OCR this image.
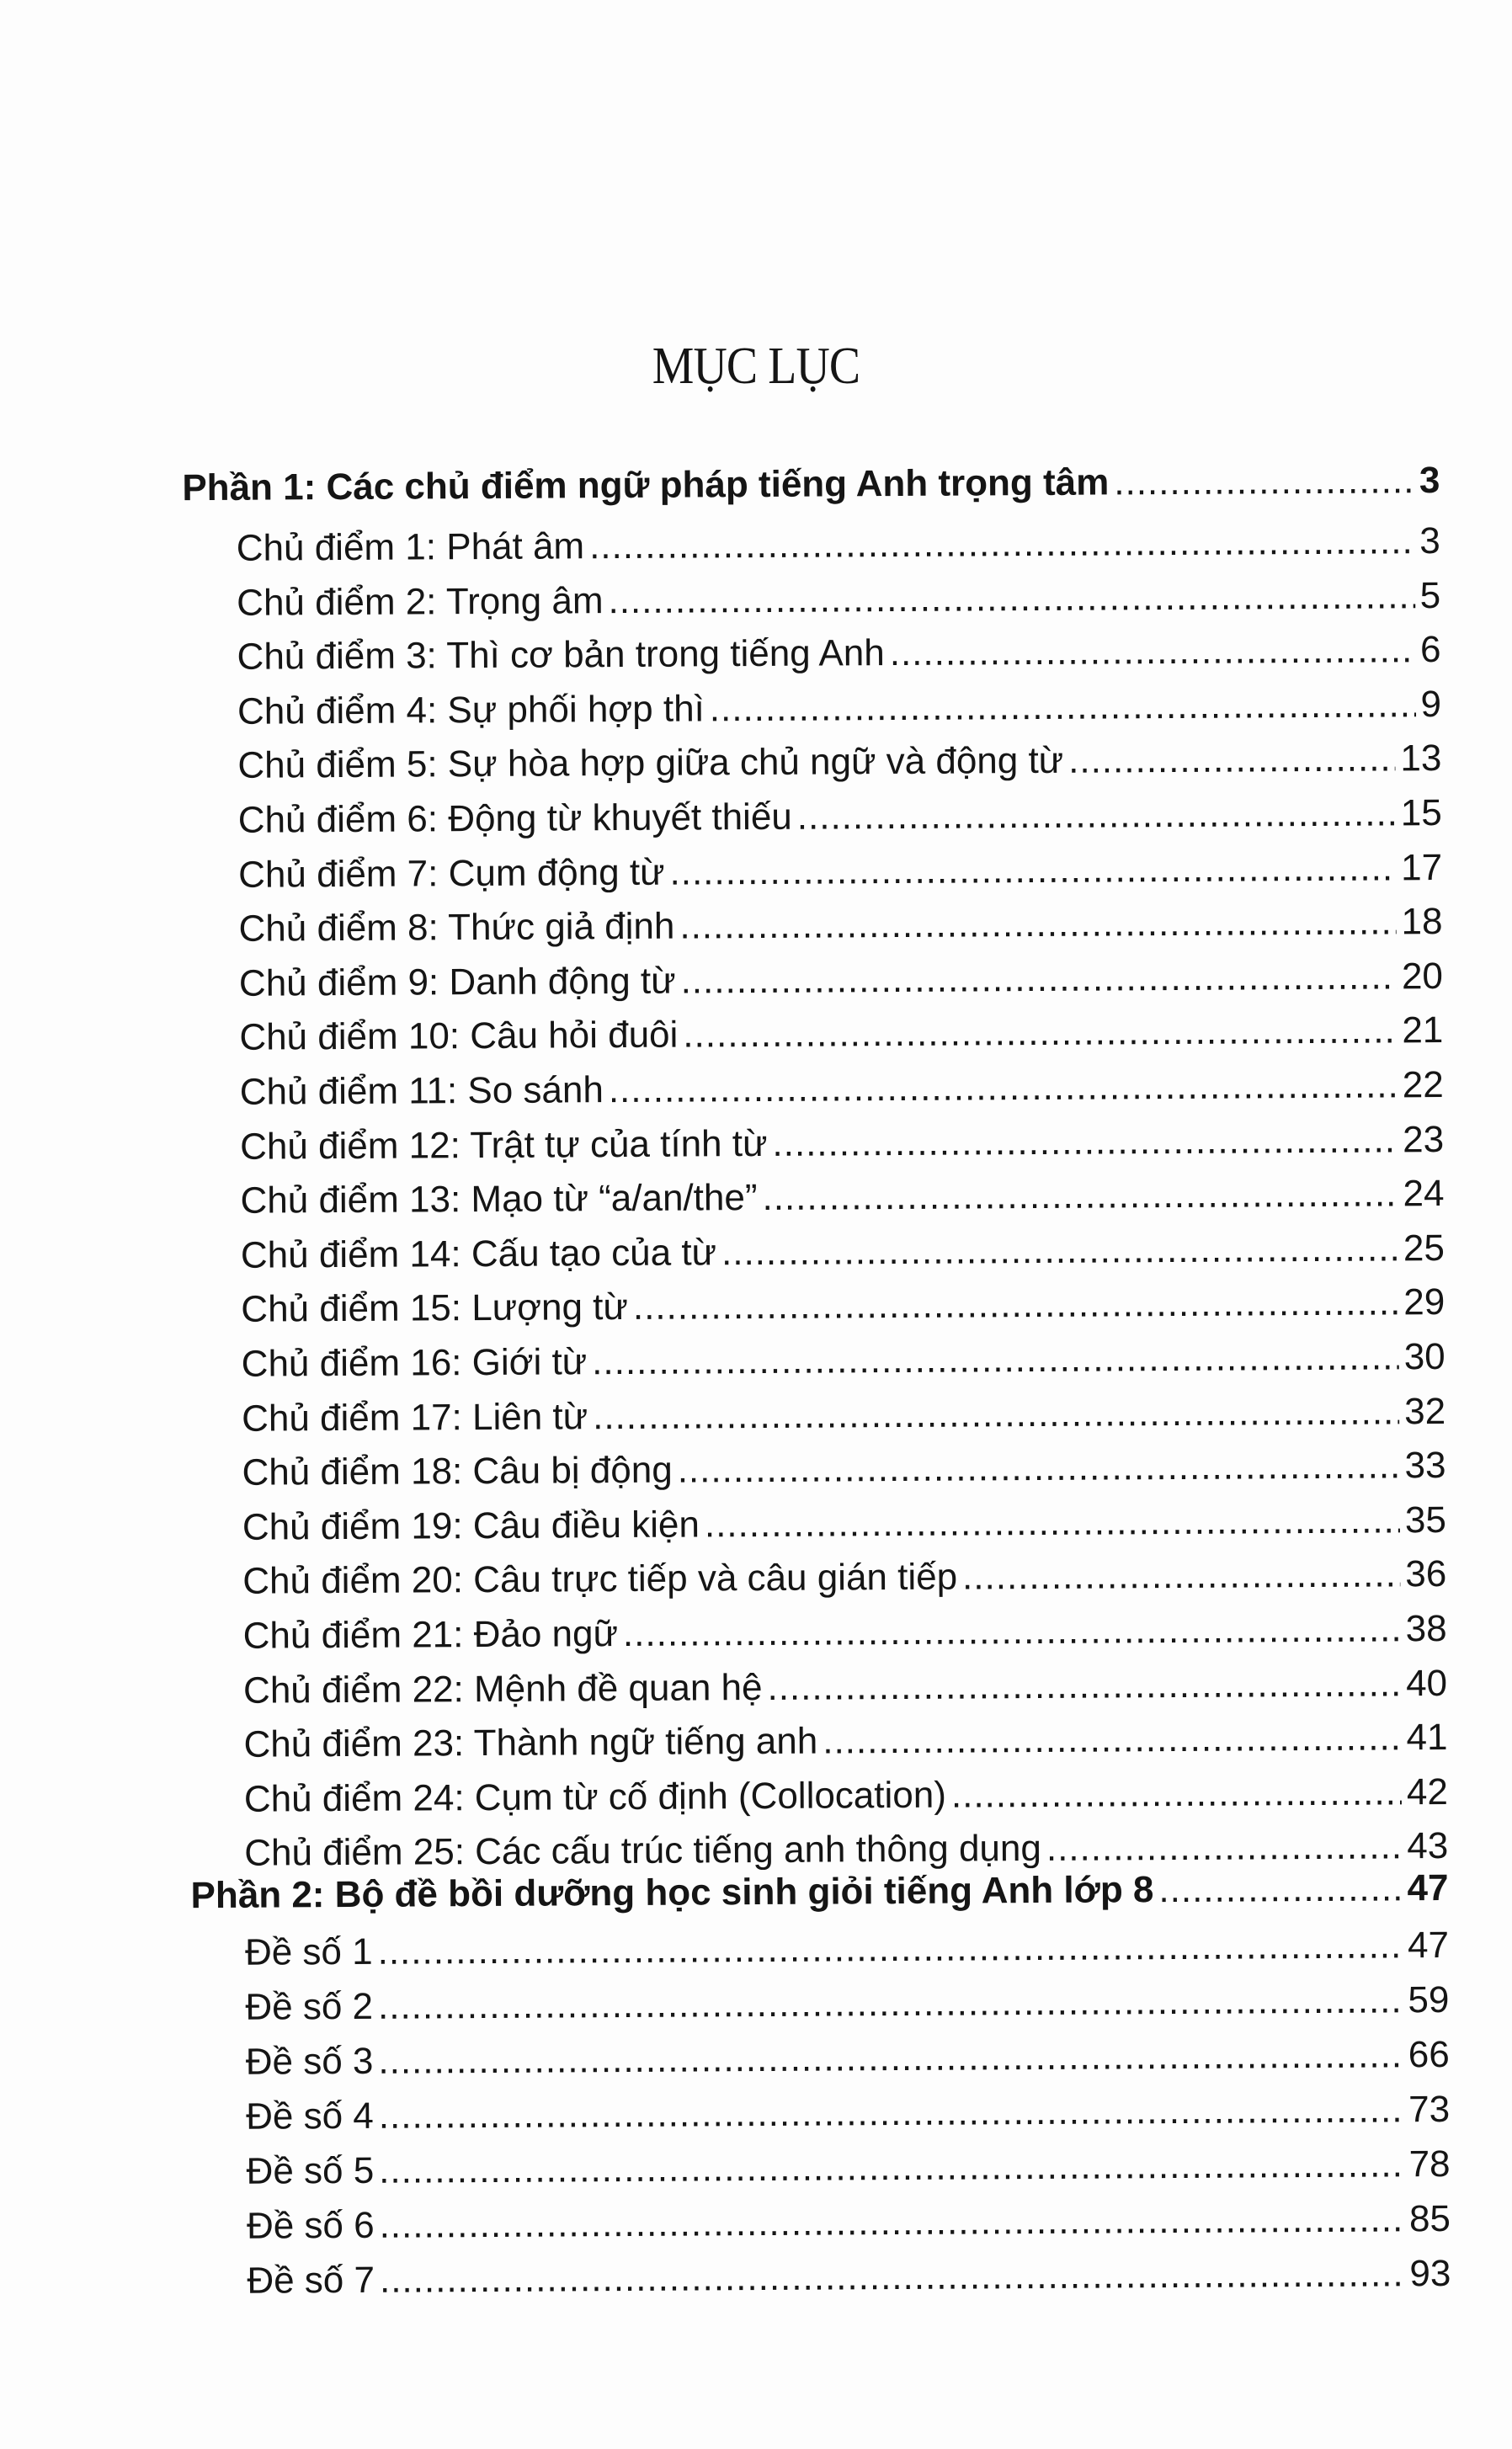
MỤC LỤC
Phần 1: Các chủ điểm ngữ pháp tiếng Anh trọng tâm .....	3
Chủ điểm 1: Phát âm .....	3
Chủ điểm 2: Trọng âm .....	5
Chủ điểm 3: Thì cơ bản trong tiếng Anh .....	6
Chủ điểm 4: Sự phối hợp thì .....	9
Chủ điểm 5: Sự hòa hợp giữa chủ ngữ và động từ .....	13
Chủ điểm 6: Động từ khuyết thiếu .....	15
Chủ điểm 7: Cụm động từ .....	17
Chủ điểm 8: Thức giả định .....	18
Chủ điểm 9: Danh động từ .....	20
Chủ điểm 10: Câu hỏi đuôi .....	21
Chủ điểm 11: So sánh .....	22
Chủ điểm 12: Trật tự của tính từ .....	23
Chủ điểm 13: Mạo từ “a/an/the” .....	24
Chủ điểm 14: Cấu tạo của từ .....	25
Chủ điểm 15: Lượng từ .....	29
Chủ điểm 16: Giới từ .....	30
Chủ điểm 17: Liên từ .....	32
Chủ điểm 18: Câu bị động .....	33
Chủ điểm 19: Câu điều kiện .....	35
Chủ điểm 20: Câu trực tiếp và câu gián tiếp .....	36
Chủ điểm 21: Đảo ngữ .....	38
Chủ điểm 22: Mệnh đề quan hệ .....	40
Chủ điểm 23: Thành ngữ tiếng anh .....	41
Chủ điểm 24: Cụm từ cố định (Collocation) .....	42
Chủ điểm 25: Các cấu trúc tiếng anh thông dụng .....	43
Phần 2: Bộ đề bồi dưỡng học sinh giỏi tiếng Anh lớp 8 .....	47
Đề số 1 .....	47
Đề số 2 .....	59
Đề số 3 .....	66
Đề số 4 .....	73
Đề số 5 .....	78
Đề số 6 .....	85
Đề số 7 .....	93
